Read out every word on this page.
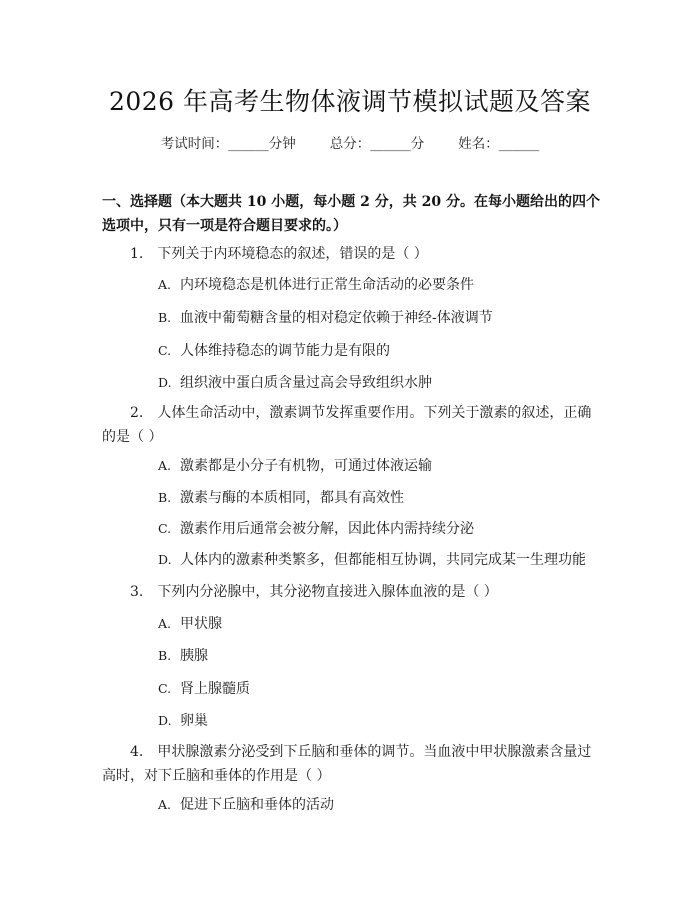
2026 年高考生物体液调节模拟试题及答案
考试时间：______分钟	总分：______分	姓名：______
一、选择题（本大题共 10 小题，每小题 2 分，共 20 分。在每小题给出的四个选项中，只有一项是符合题目要求的。）
1. 下列关于内环境稳态的叙述，错误的是（ ）
A. 内环境稳态是机体进行正常生命活动的必要条件
B. 血液中葡萄糖含量的相对稳定依赖于神经-体液调节
C. 人体维持稳态的调节能力是有限的
D. 组织液中蛋白质含量过高会导致组织水肿
2. 人体生命活动中，激素调节发挥重要作用。下列关于激素的叙述，正确的是（ ）
A. 激素都是小分子有机物，可通过体液运输
B. 激素与酶的本质相同，都具有高效性
C. 激素作用后通常会被分解，因此体内需持续分泌
D. 人体内的激素种类繁多，但都能相互协调，共同完成某一生理功能
3. 下列内分泌腺中，其分泌物直接进入腺体血液的是（ ）
A. 甲状腺
B. 胰腺
C. 肾上腺髓质
D. 卵巢
4. 甲状腺激素分泌受到下丘脑和垂体的调节。当血液中甲状腺激素含量过高时，对下丘脑和垂体的作用是（ ）
A. 促进下丘脑和垂体的活动
